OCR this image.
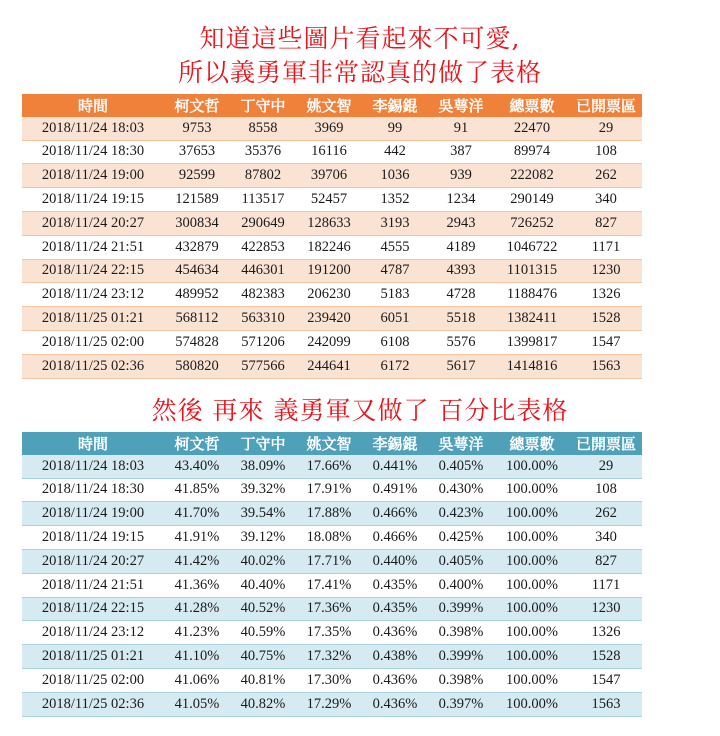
知道這些圖片看起來不可愛,
所以義勇軍非常認真的做了表格
時間	柯文哲	丁守中	姚文智	李錫錕	吳萼洋	總票數	已開票區
2018/11/24 18:03	9753	8558	3969	99	91	22470	29
2018/11/24 18:30	37653	35376	16116	442	387	89974	108
2018/11/24 19:00	92599	87802	39706	1036	939	222082	262
2018/11/24 19:15	121589	113517	52457	1352	1234	290149	340
2018/11/24 20:27	300834	290649	128633	3193	2943	726252	827
2018/11/24 21:51	432879	422853	182246	4555	4189	1046722	1171
2018/11/24 22:15	454634	446301	191200	4787	4393	1101315	1230
2018/11/24 23:12	489952	482383	206230	5183	4728	1188476	1326
2018/11/25 01:21	568112	563310	239420	6051	5518	1382411	1528
2018/11/25 02:00	574828	571206	242099	6108	5576	1399817	1547
2018/11/25 02:36	580820	577566	244641	6172	5617	1414816	1563
然後 再來 義勇軍又做了 百分比表格
時間	柯文哲	丁守中	姚文智	李錫錕	吳萼洋	總票數	已開票區
2018/11/24 18:03	43.40%	38.09%	17.66%	0.441%	0.405%	100.00%	29
2018/11/24 18:30	41.85%	39.32%	17.91%	0.491%	0.430%	100.00%	108
2018/11/24 19:00	41.70%	39.54%	17.88%	0.466%	0.423%	100.00%	262
2018/11/24 19:15	41.91%	39.12%	18.08%	0.466%	0.425%	100.00%	340
2018/11/24 20:27	41.42%	40.02%	17.71%	0.440%	0.405%	100.00%	827
2018/11/24 21:51	41.36%	40.40%	17.41%	0.435%	0.400%	100.00%	1171
2018/11/24 22:15	41.28%	40.52%	17.36%	0.435%	0.399%	100.00%	1230
2018/11/24 23:12	41.23%	40.59%	17.35%	0.436%	0.398%	100.00%	1326
2018/11/25 01:21	41.10%	40.75%	17.32%	0.438%	0.399%	100.00%	1528
2018/11/25 02:00	41.06%	40.81%	17.30%	0.436%	0.398%	100.00%	1547
2018/11/25 02:36	41.05%	40.82%	17.29%	0.436%	0.397%	100.00%	1563
